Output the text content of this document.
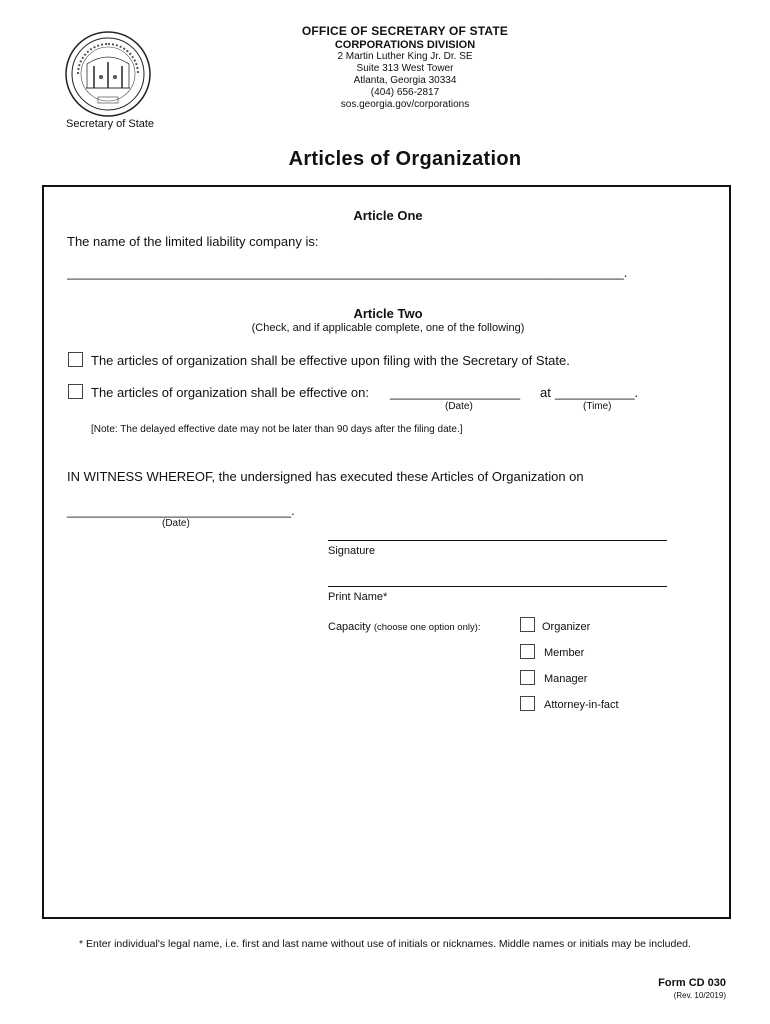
Secretary of State
OFFICE OF SECRETARY OF STATE
CORPORATIONS DIVISION
2 Martin Luther King Jr. Dr. SE
Suite 313 West Tower
Atlanta, Georgia 30334
(404) 656-2817
sos.georgia.gov/corporations
Articles of Organization
Article One
The name of the limited liability company is:
_____________________________________________________________________________.
Article Two
(Check, and if applicable complete, one of the following)
The articles of organization shall be effective upon filing with the Secretary of State.
The articles of organization shall be effective on: __________________ at ___________.
(Date)	(Time)
[Note: The delayed effective date may not be later than 90 days after the filing date.]
IN WITNESS WHEREOF, the undersigned has executed these Articles of Organization on
_______________________________.
(Date)
Signature
Print Name*
Capacity (choose one option only):	Organizer
Member
Manager
Attorney-in-fact
* Enter individual's legal name, i.e. first and last name without use of initials or nicknames. Middle names or initials may be included.
Form CD 030
(Rev. 10/2019)
